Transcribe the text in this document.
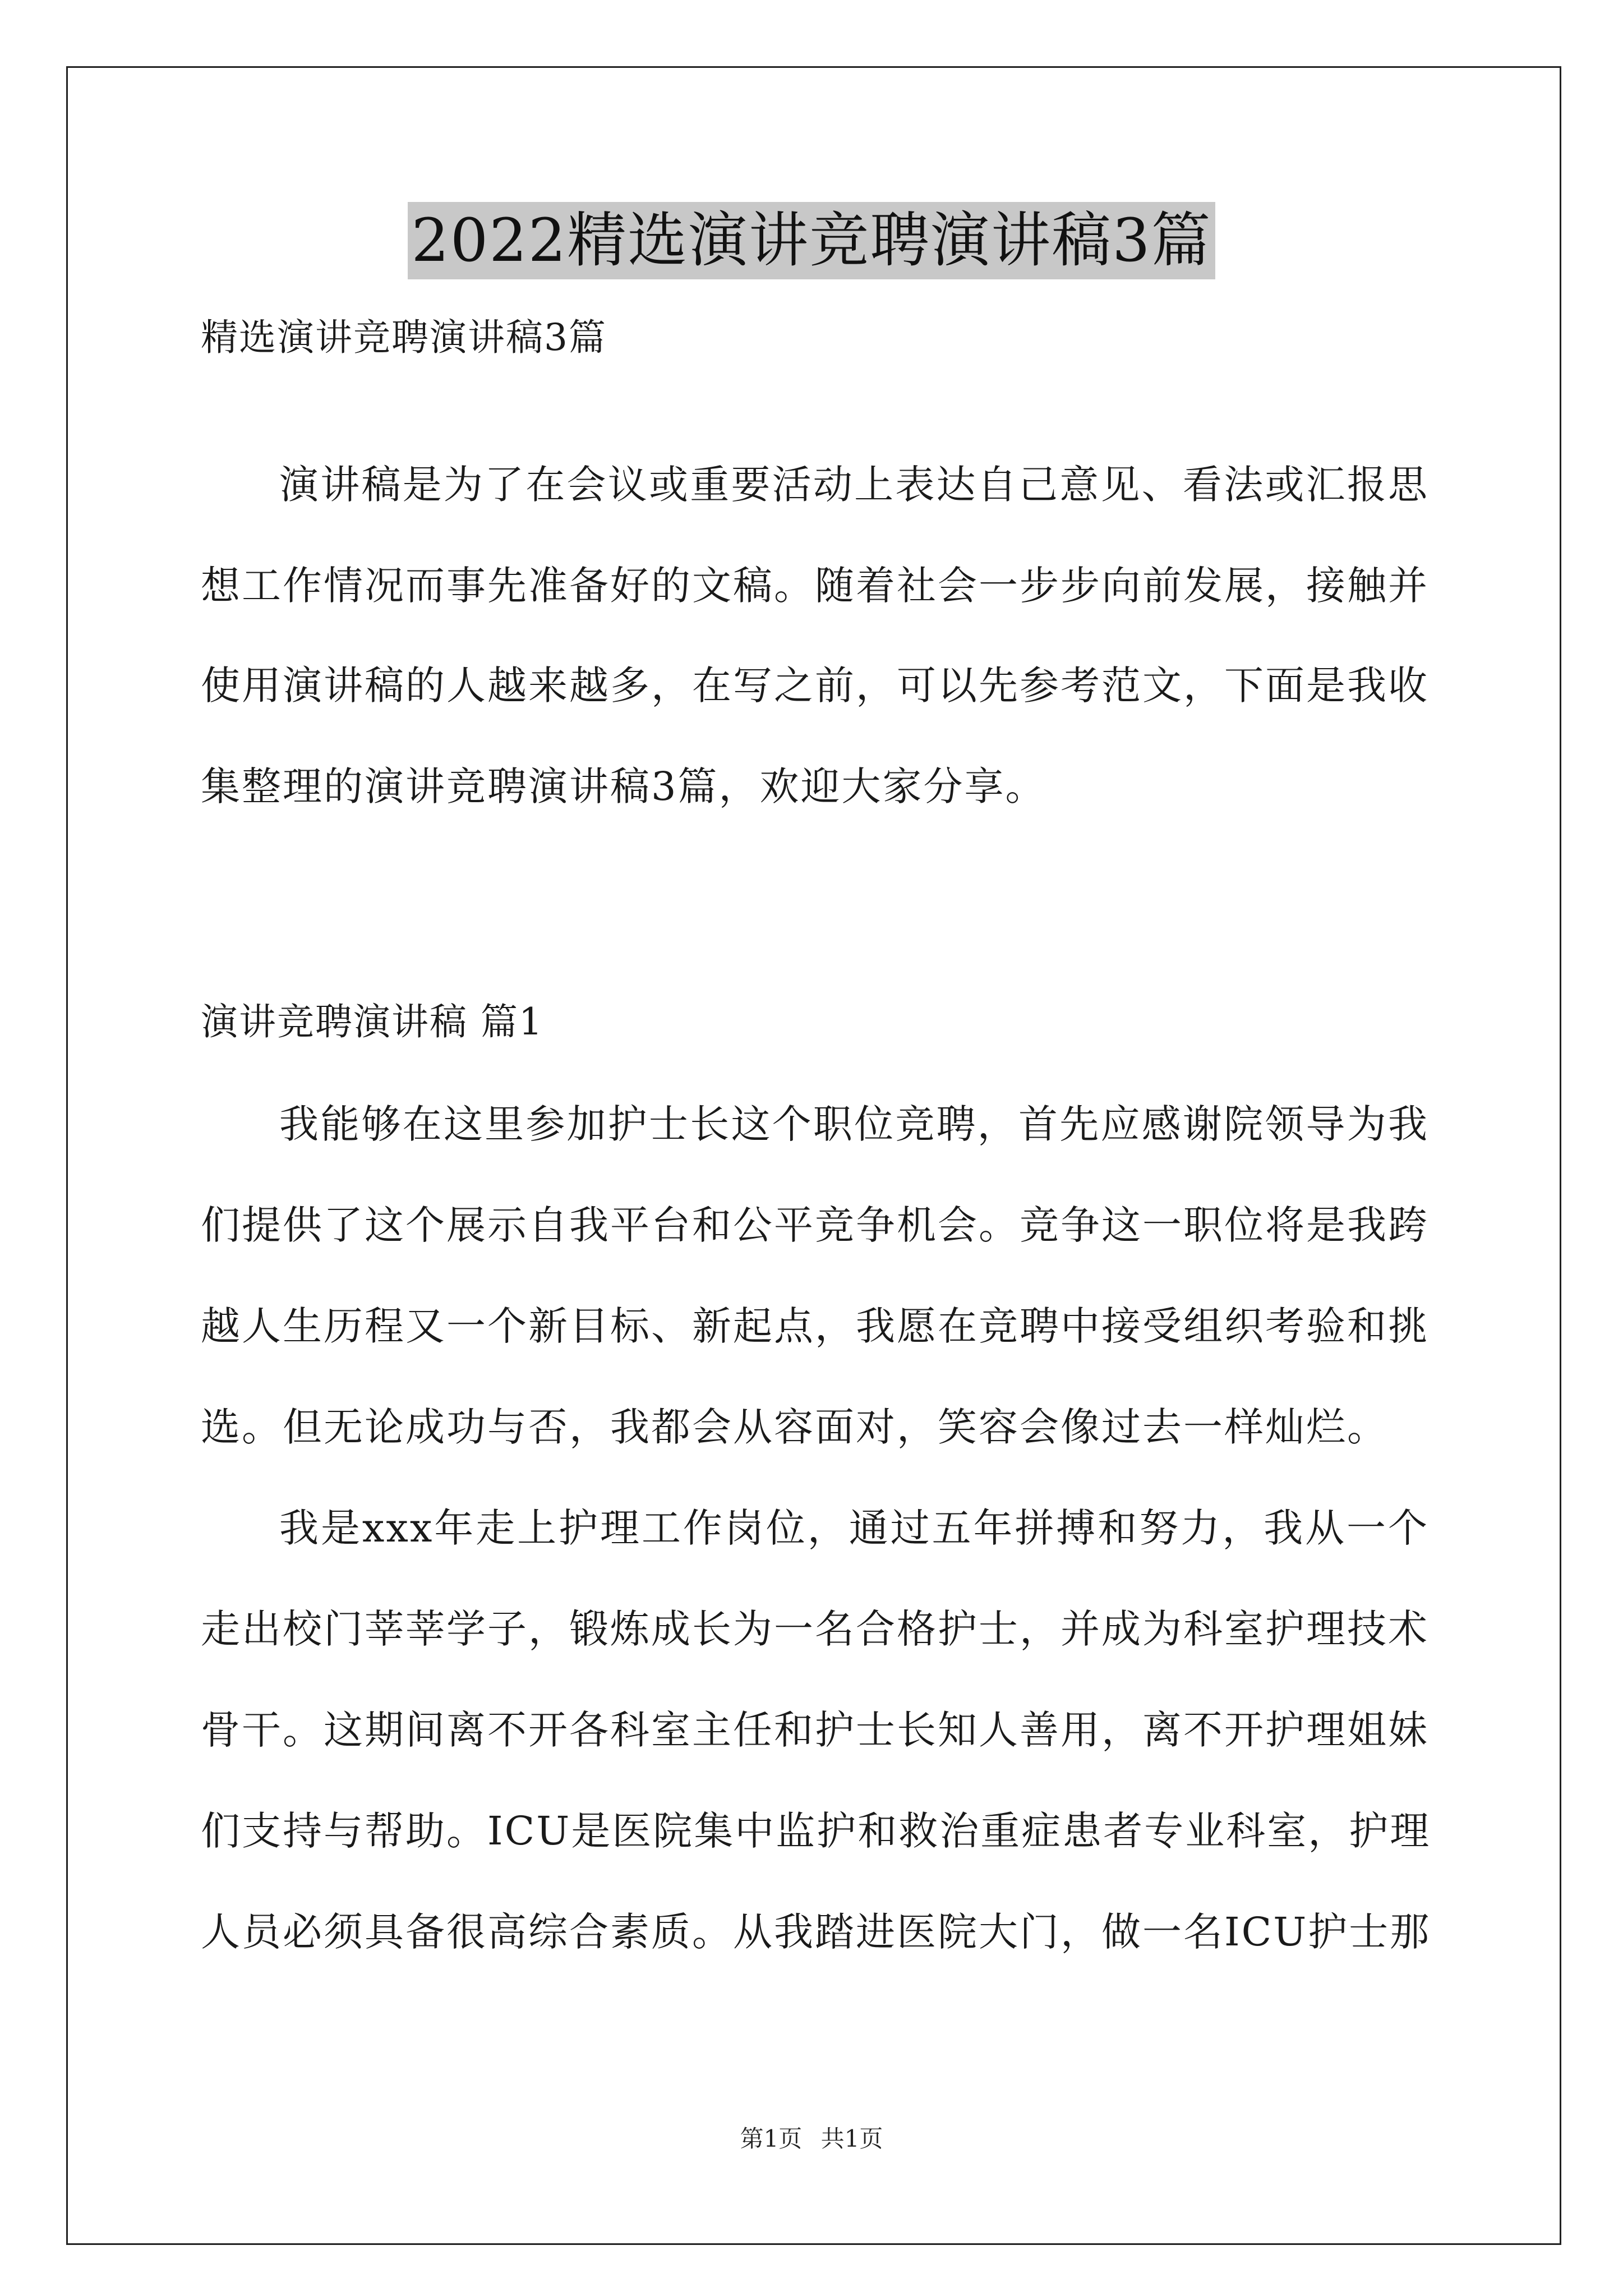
2022精选演讲竞聘演讲稿3篇
精选演讲竞聘演讲稿3篇
演讲稿是为了在会议或重要活动上表达自己意见、看法或汇报思
想工作情况而事先准备好的文稿。随着社会一步步向前发展，接触并
使用演讲稿的人越来越多，在写之前，可以先参考范文，下面是我收
集整理的演讲竞聘演讲稿3篇，欢迎大家分享。
演讲竞聘演讲稿 篇1
我能够在这里参加护士长这个职位竞聘，首先应感谢院领导为我
们提供了这个展示自我平台和公平竞争机会。竞争这一职位将是我跨
越人生历程又一个新目标、新起点，我愿在竞聘中接受组织考验和挑
选。但无论成功与否，我都会从容面对，笑容会像过去一样灿烂。
我是xxx年走上护理工作岗位，通过五年拼搏和努力，我从一个
走出校门莘莘学子，锻炼成长为一名合格护士，并成为科室护理技术
骨干。这期间离不开各科室主任和护士长知人善用，离不开护理姐妹
们支持与帮助。ICU是医院集中监护和救治重症患者专业科室，护理
人员必须具备很高综合素质。从我踏进医院大门，做一名ICU护士那
第1页 共1页
